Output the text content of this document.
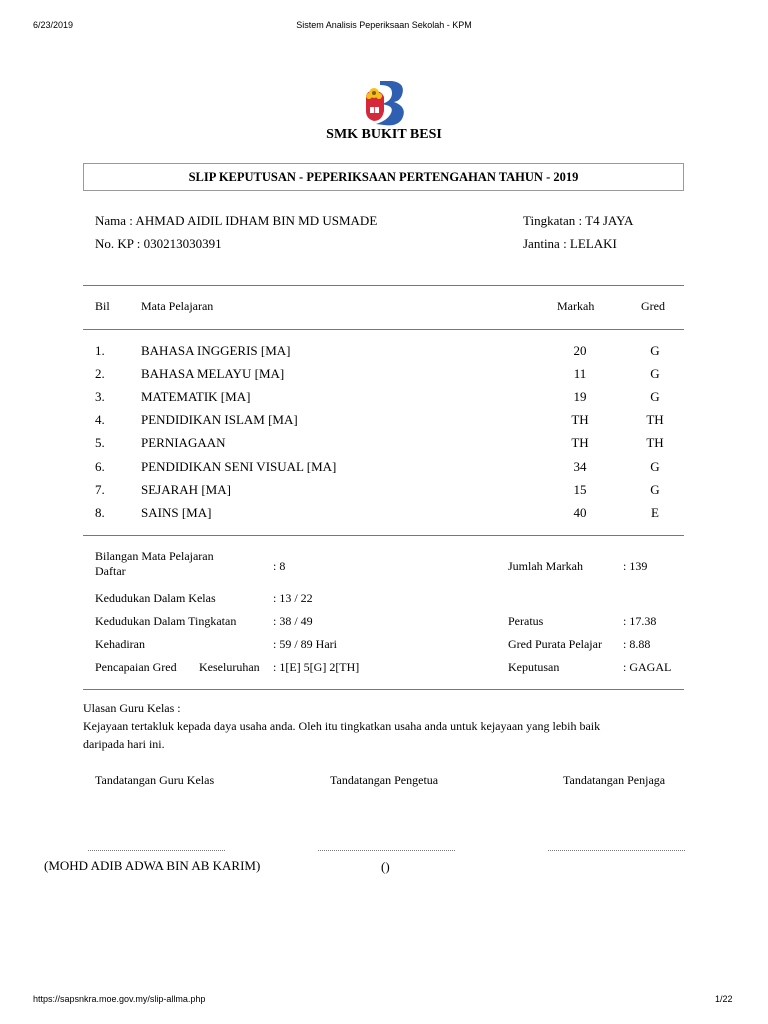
6/23/2019	Sistem Analisis Peperiksaan Sekolah - KPM
SMK BUKIT BESI
SLIP KEPUTUSAN - PEPERIKSAAN PERTENGAHAN TAHUN - 2019
Nama : AHMAD AIDIL IDHAM BIN MD USMADE
No. KP : 030213030391
Tingkatan : T4 JAYA
Jantina : LELAKI
Bil	Mata Pelajaran	Markah	Gred
1.	BAHASA INGGERIS [MA]	20	G
2.	BAHASA MELAYU [MA]	11	G
3.	MATEMATIK [MA]	19	G
4.	PENDIDIKAN ISLAM [MA]	TH	TH
5.	PERNIAGAAN	TH	TH
6.	PENDIDIKAN SENI VISUAL [MA]	34	G
7.	SEJARAH [MA]	15	G
8.	SAINS [MA]	40	E
Bilangan Mata Pelajaran
Daftar	: 8	Jumlah Markah	: 139
Kedudukan Dalam Kelas	: 13 / 22
Kedudukan Dalam Tingkatan	: 38 / 49	Peratus	: 17.38
Kehadiran	: 59 / 89 Hari	Gred Purata Pelajar : 8.88
Pencapaian Gred Keseluruhan : 1[E] 5[G] 2[TH]	Keputusan	: GAGAL
Ulasan Guru Kelas :
Kejayaan tertakluk kepada daya usaha anda. Oleh itu tingkatkan usaha anda untuk kejayaan yang lebih baik
daripada hari ini.
Tandatangan Guru Kelas	Tandatangan Pengetua	Tandatangan Penjaga
(MOHD ADIB ADWA BIN AB KARIM)	()
https://sapsnkra.moe.gov.my/slip-allma.php	1/22
